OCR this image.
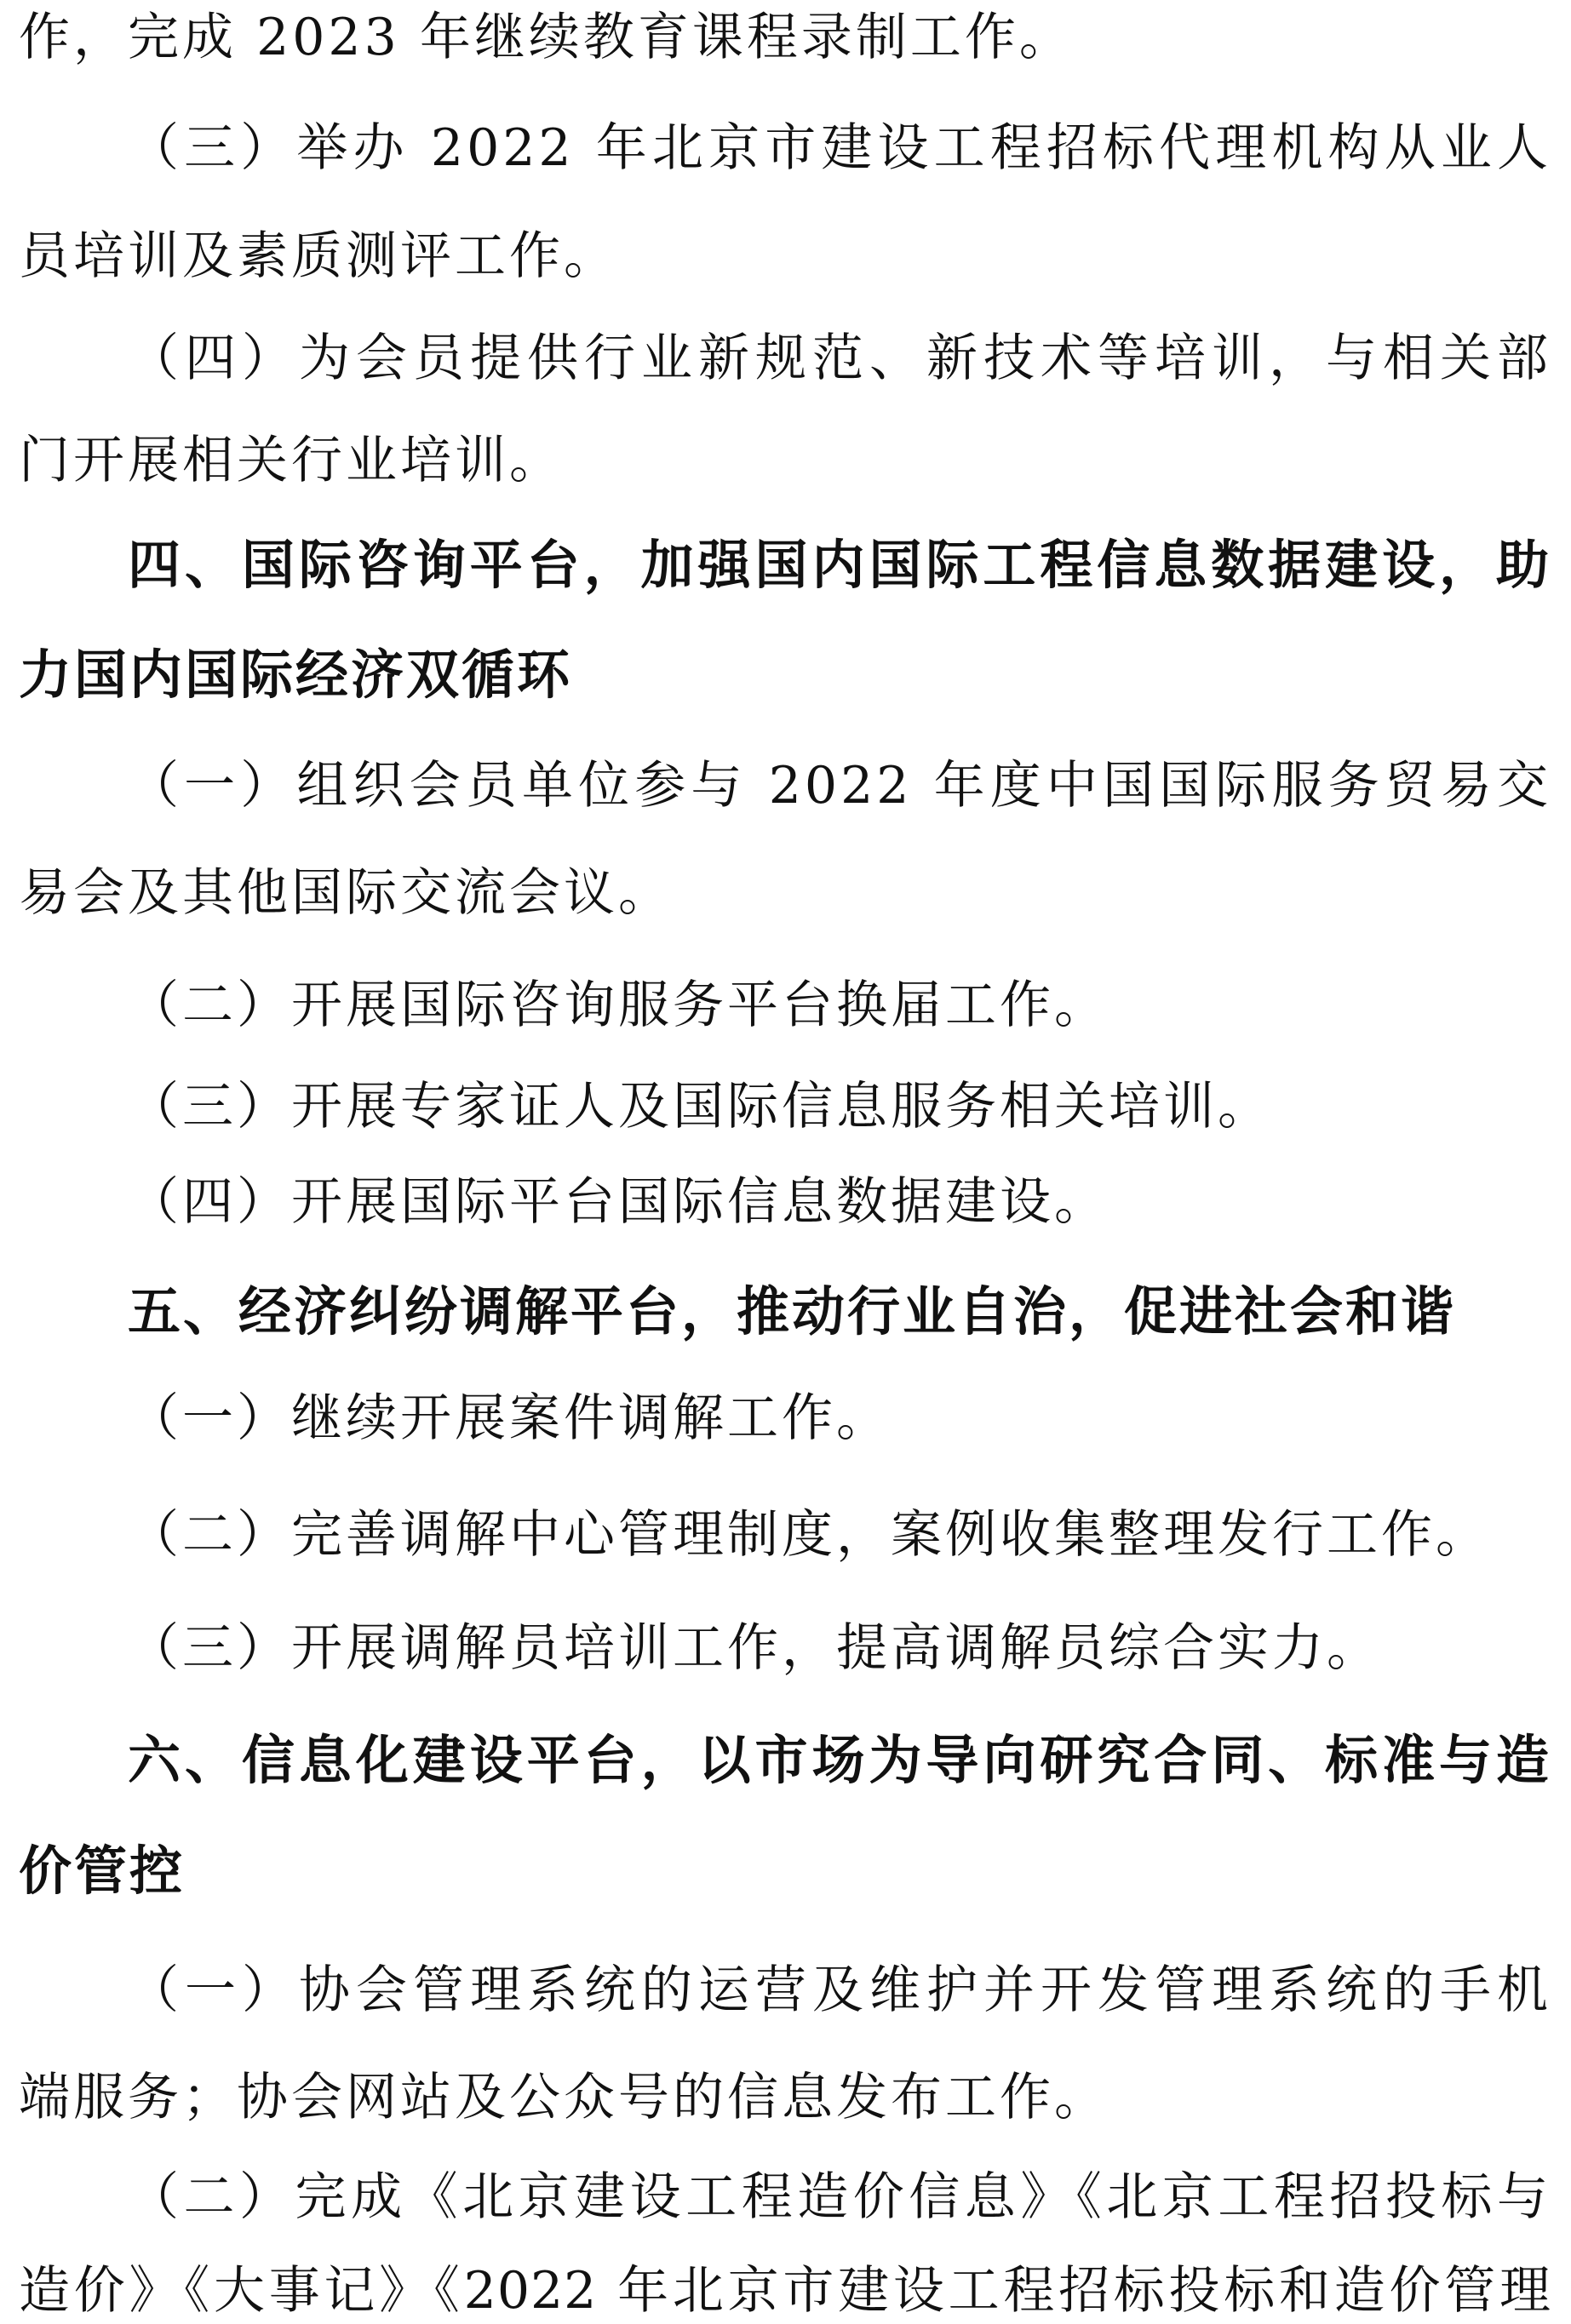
作，完成 2023 年继续教育课程录制工作。
（三）举办 2022 年北京市建设工程招标代理机构从业人
员培训及素质测评工作。
（四）为会员提供行业新规范、新技术等培训，与相关部
门开展相关行业培训。
四、国际咨询平台，加强国内国际工程信息数据建设，助
力国内国际经济双循环
（一）组织会员单位参与 2022 年度中国国际服务贸易交
易会及其他国际交流会议。
（二）开展国际咨询服务平台换届工作。
（三）开展专家证人及国际信息服务相关培训。
（四）开展国际平台国际信息数据建设。
五、经济纠纷调解平台，推动行业自治，促进社会和谐
（一）继续开展案件调解工作。
（二）完善调解中心管理制度，案例收集整理发行工作。
（三）开展调解员培训工作，提高调解员综合实力。
六、信息化建设平台，以市场为导向研究合同、标准与造
价管控
（一）协会管理系统的运营及维护并开发管理系统的手机
端服务；协会网站及公众号的信息发布工作。
（二）完成《北京建设工程造价信息》《北京工程招投标与
造价》《大事记》《2022 年北京市建设工程招标投标和造价管理
